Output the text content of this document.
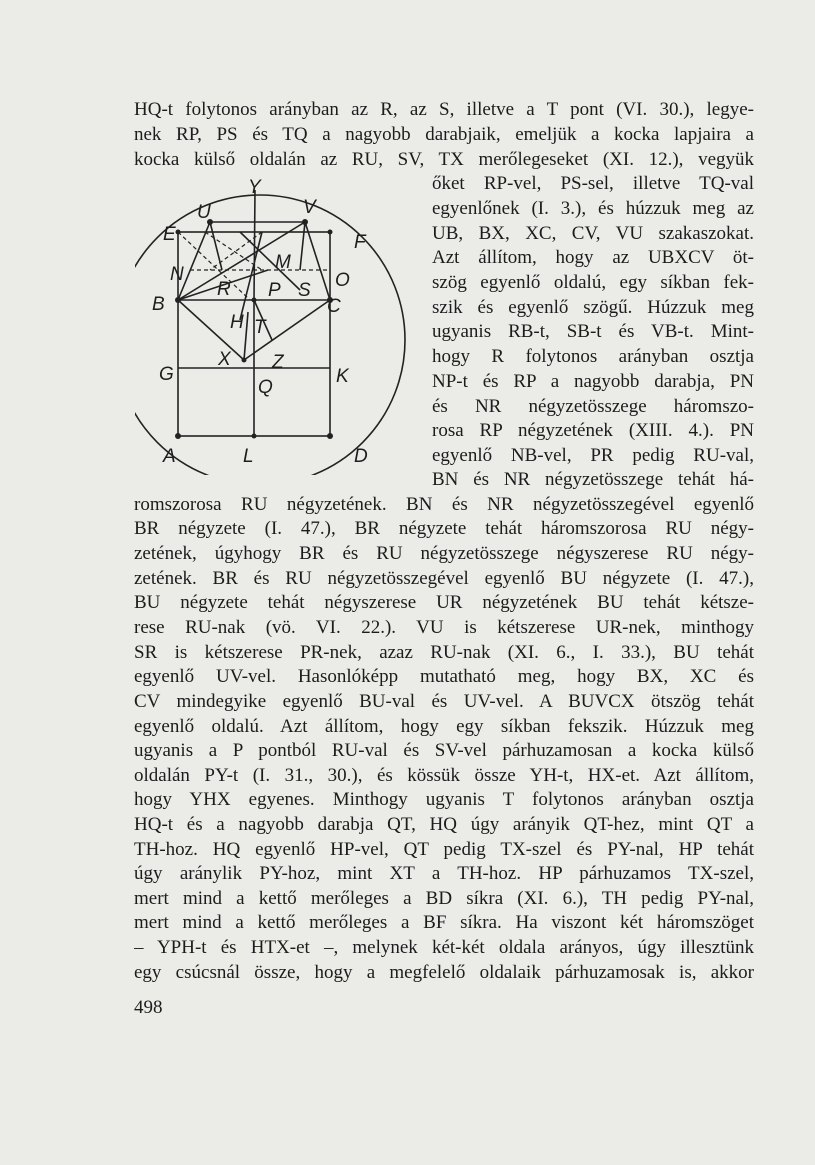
HQ-t folytonos arányban az R, az S, illetve a T pont (VI. 30.), legye-
nek RP, PS és TQ a nagyobb darabjaik, emeljük a kocka lapjaira a
kocka külső oldalán az RU, SV, TX merőlegeseket (XI. 12.), vegyük
őket RP-vel, PS-sel, illetve TQ-val
egyenlőnek (I. 3.), és húzzuk meg az
UB, BX, XC, CV, VU szakaszokat.
Azt állítom, hogy az UBXCV öt-
szög egyenlő oldalú, egy síkban fek-
szik és egyenlő szögű. Húzzuk meg
ugyanis RB-t, SB-t és VB-t. Mint-
hogy R folytonos arányban osztja
NP-t és RP a nagyobb darabja, PN
és NR négyzetösszege háromszo-
rosa RP négyzetének (XIII. 4.). PN
egyenlő NB-vel, PR pedig RU-val,
BN és NR négyzetösszege tehát há-
romszorosa RU négyzetének. BN és NR négyzetösszegével egyenlő
BR négyzete (I. 47.), BR négyzete tehát háromszorosa RU négy-
zetének, úgyhogy BR és RU négyzetösszege négyszerese RU négy-
zetének. BR és RU négyzetösszegével egyenlő BU négyzete (I. 47.),
BU négyzete tehát négyszerese UR négyzetének BU tehát kétsze-
rese RU-nak (vö. VI. 22.). VU is kétszerese UR-nek, minthogy
SR is kétszerese PR-nek, azaz RU-nak (XI. 6., I. 33.), BU tehát
egyenlő UV-vel. Hasonlóképp mutatható meg, hogy BX, XC és
CV mindegyike egyenlő BU-val és UV-vel. A BUVCX ötszög tehát
egyenlő oldalú. Azt állítom, hogy egy síkban fekszik. Húzzuk meg
ugyanis a P pontból RU-val és SV-vel párhuzamosan a kocka külső
oldalán PY-t (I. 31., 30.), és kössük össze YH-t, HX-et. Azt állítom,
hogy YHX egyenes. Minthogy ugyanis T folytonos arányban osztja
HQ-t és a nagyobb darabja QT, HQ úgy arányik QT-hez, mint QT a
TH-hoz. HQ egyenlő HP-vel, QT pedig TX-szel és PY-nal, HP tehát
úgy aránylik PY-hoz, mint XT a TH-hoz. HP párhuzamos TX-szel,
mert mind a kettő merőleges a BD síkra (XI. 6.), TH pedig PY-nal,
mert mind a kettő merőleges a BF síkra. Ha viszont két háromszöget
– YPH-t és HTX-et –, melynek két-két oldala arányos, úgy illesztünk
egy csúcsnál össze, hogy a megfelelő oldalaik párhuzamosak is, akkor
498
Y
U	V
E	F
M
N	O
R P S
B	C
H T
X Z
G	K
Q
A	L	D
